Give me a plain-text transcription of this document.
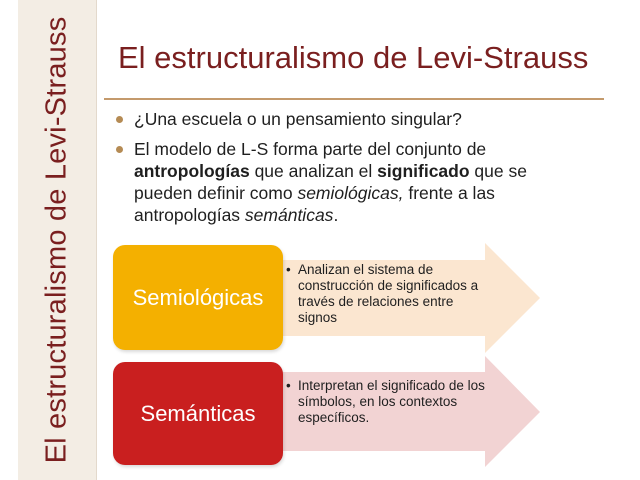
El estructuralismo de Levi-Strauss El estructuralismo de Levi-Strauss
¿Una escuela o un pensamiento singular?
El modelo de L-S forma parte del conjunto de antropologías que analizan el significado que se pueden definir como semiológicas, frente a las antropologías semánticas.
Semiológicas
Semánticas
• Analizan el sistema de construcción de significados a través de relaciones entre signos
• Interpretan el significado de los símbolos, en los contextos específicos.
